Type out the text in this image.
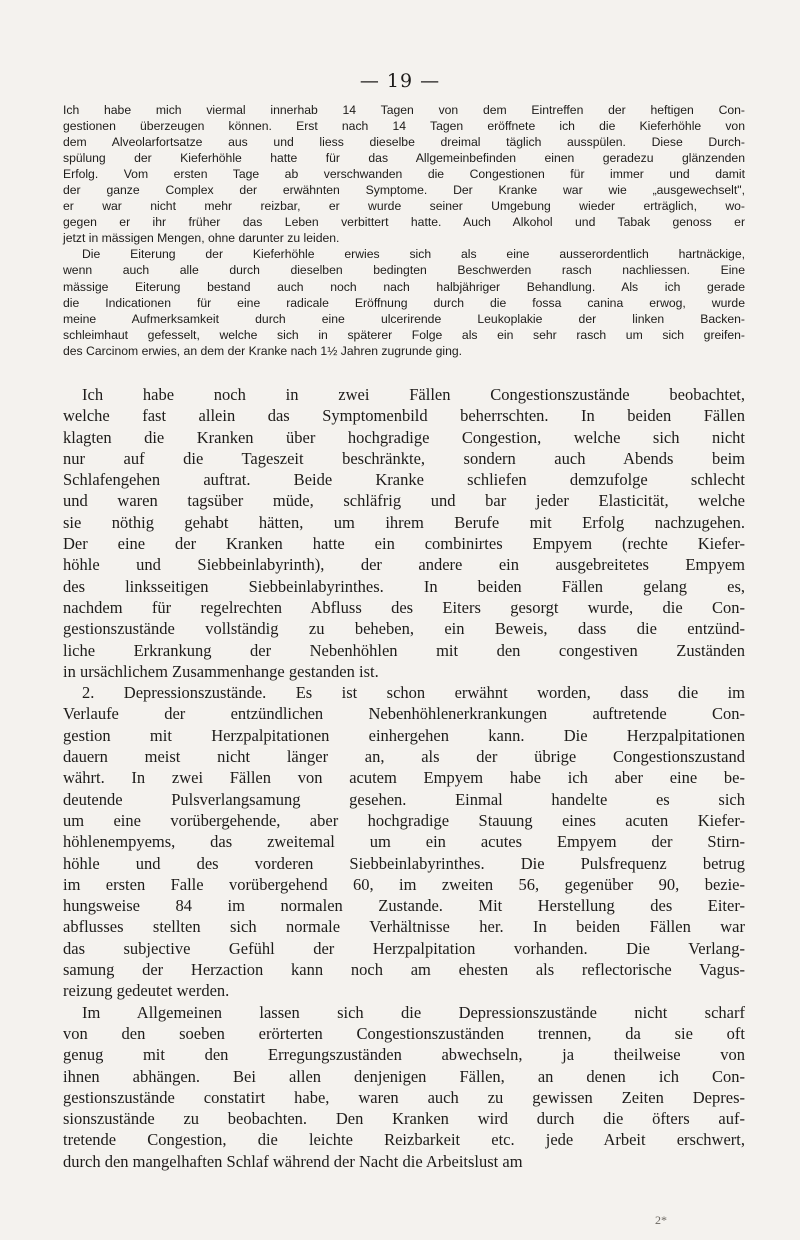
— 19 —
Ich habe mich viermal innerhab 14 Tagen von dem Eintreffen der heftigen Con-
gestionen überzeugen können. Erst nach 14 Tagen eröffnete ich die Kieferhöhle von
dem Alveolarfortsatze aus und liess dieselbe dreimal täglich ausspülen. Diese Durch-
spülung der Kieferhöhle hatte für das Allgemeinbefinden einen geradezu glänzenden
Erfolg. Vom ersten Tage ab verschwanden die Congestionen für immer und damit
der ganze Complex der erwähnten Symptome. Der Kranke war wie „ausgewechselt",
er war nicht mehr reizbar, er wurde seiner Umgebung wieder erträglich, wo-
gegen er ihr früher das Leben verbittert hatte. Auch Alkohol und Tabak genoss er
jetzt in mässigen Mengen, ohne darunter zu leiden.
Die Eiterung der Kieferhöhle erwies sich als eine ausserordentlich hartnäckige,
wenn auch alle durch dieselben bedingten Beschwerden rasch nachliessen. Eine
mässige Eiterung bestand auch noch nach halbjähriger Behandlung. Als ich gerade
die Indicationen für eine radicale Eröffnung durch die fossa canina erwog, wurde
meine Aufmerksamkeit durch eine ulcerirende Leukoplakie der linken Backen-
schleimhaut gefesselt, welche sich in späterer Folge als ein sehr rasch um sich greifen-
des Carcinom erwies, an dem der Kranke nach 1½ Jahren zugrunde ging.
Ich habe noch in zwei Fällen Congestionszustände beobachtet,
welche fast allein das Symptomenbild beherrschten. In beiden Fällen
klagten die Kranken über hochgradige Congestion, welche sich nicht
nur auf die Tageszeit beschränkte, sondern auch Abends beim
Schlafengehen auftrat. Beide Kranke schliefen demzufolge schlecht
und waren tagsüber müde, schläfrig und bar jeder Elasticität, welche
sie nöthig gehabt hätten, um ihrem Berufe mit Erfolg nachzugehen.
Der eine der Kranken hatte ein combinirtes Empyem (rechte Kiefer-
höhle und Siebbeinlabyrinth), der andere ein ausgebreitetes Empyem
des linksseitigen Siebbeinlabyrinthes. In beiden Fällen gelang es,
nachdem für regelrechten Abfluss des Eiters gesorgt wurde, die Con-
gestionszustände vollständig zu beheben, ein Beweis, dass die entzünd-
liche Erkrankung der Nebenhöhlen mit den congestiven Zuständen
in ursächlichem Zusammenhange gestanden ist.
2. Depressionszustände. Es ist schon erwähnt worden, dass die im
Verlaufe der entzündlichen Nebenhöhlenerkrankungen auftretende Con-
gestion mit Herzpalpitationen einhergehen kann. Die Herzpalpitationen
dauern meist nicht länger an, als der übrige Congestionszustand
währt. In zwei Fällen von acutem Empyem habe ich aber eine be-
deutende Pulsverlangsamung gesehen. Einmal handelte es sich
um eine vorübergehende, aber hochgradige Stauung eines acuten Kiefer-
höhlenempyems, das zweitemal um ein acutes Empyem der Stirn-
höhle und des vorderen Siebbeinlabyrinthes. Die Pulsfrequenz betrug
im ersten Falle vorübergehend 60, im zweiten 56, gegenüber 90, bezie-
hungsweise 84 im normalen Zustande. Mit Herstellung des Eiter-
abflusses stellten sich normale Verhältnisse her. In beiden Fällen war
das subjective Gefühl der Herzpalpitation vorhanden. Die Verlang-
samung der Herzaction kann noch am ehesten als reflectorische Vagus-
reizung gedeutet werden.
Im Allgemeinen lassen sich die Depressionszustände nicht scharf
von den soeben erörterten Congestionszuständen trennen, da sie oft
genug mit den Erregungszuständen abwechseln, ja theilweise von
ihnen abhängen. Bei allen denjenigen Fällen, an denen ich Con-
gestionszustände constatirt habe, waren auch zu gewissen Zeiten Depres-
sionszustände zu beobachten. Den Kranken wird durch die öfters auf-
tretende Congestion, die leichte Reizbarkeit etc. jede Arbeit erschwert,
durch den mangelhaften Schlaf während der Nacht die Arbeitslust am
2*
